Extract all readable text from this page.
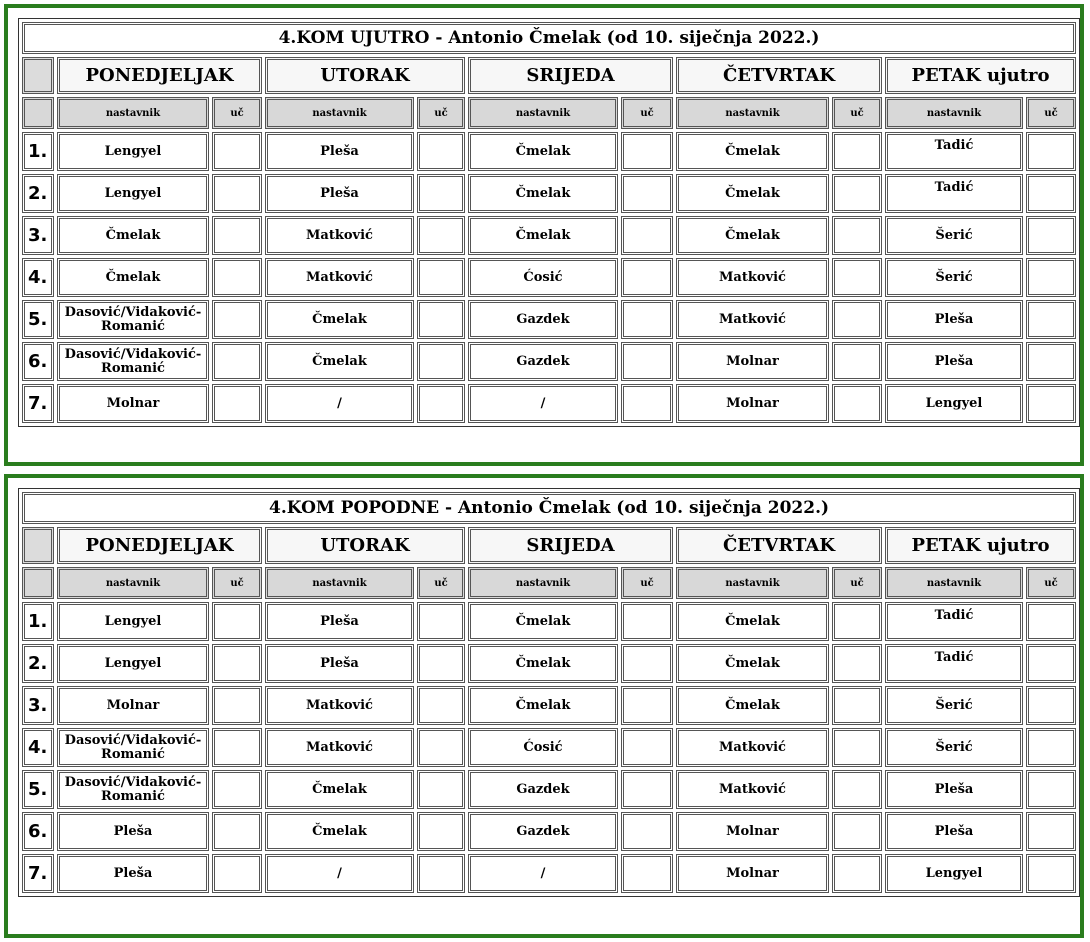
4.KOM UJUTRO - Antonio Čmelak (od 10. siječnja 2022.)										
	PONEDJELJAK		UTORAK		SRIJEDA		ČETVRTAK		PETAK ujutro	
	nastavnik	uč	nastavnik	uč	nastavnik	uč	nastavnik	uč	nastavnik	uč
1.	Lengyel		Pleša		Čmelak		Čmelak		Tadić	
2.	Lengyel		Pleša		Čmelak		Čmelak		Tadić	
3.	Čmelak		Matković		Čmelak		Čmelak		Šerić	
4.	Čmelak		Matković		Ćosić		Matković		Šerić	
5.	Dasović/Vidaković-Romanić		Čmelak		Gazdek		Matković		Pleša	
6.	Dasović/Vidaković-Romanić		Čmelak		Gazdek		Molnar		Pleša	
7.	Molnar		/		/		Molnar		Lengyel	
4.KOM POPODNE - Antonio Čmelak (od 10. siječnja 2022.)										
	PONEDJELJAK		UTORAK		SRIJEDA		ČETVRTAK		PETAK ujutro	
	nastavnik	uč	nastavnik	uč	nastavnik	uč	nastavnik	uč	nastavnik	uč
1.	Lengyel		Pleša		Čmelak		Čmelak		Tadić	
2.	Lengyel		Pleša		Čmelak		Čmelak		Tadić	
3.	Molnar		Matković		Čmelak		Čmelak		Šerić	
4.	Dasović/Vidaković-Romanić		Matković		Ćosić		Matković		Šerić	
5.	Dasović/Vidaković-Romanić		Čmelak		Gazdek		Matković		Pleša	
6.	Pleša		Čmelak		Gazdek		Molnar		Pleša	
7.	Pleša		/		/		Molnar		Lengyel	
